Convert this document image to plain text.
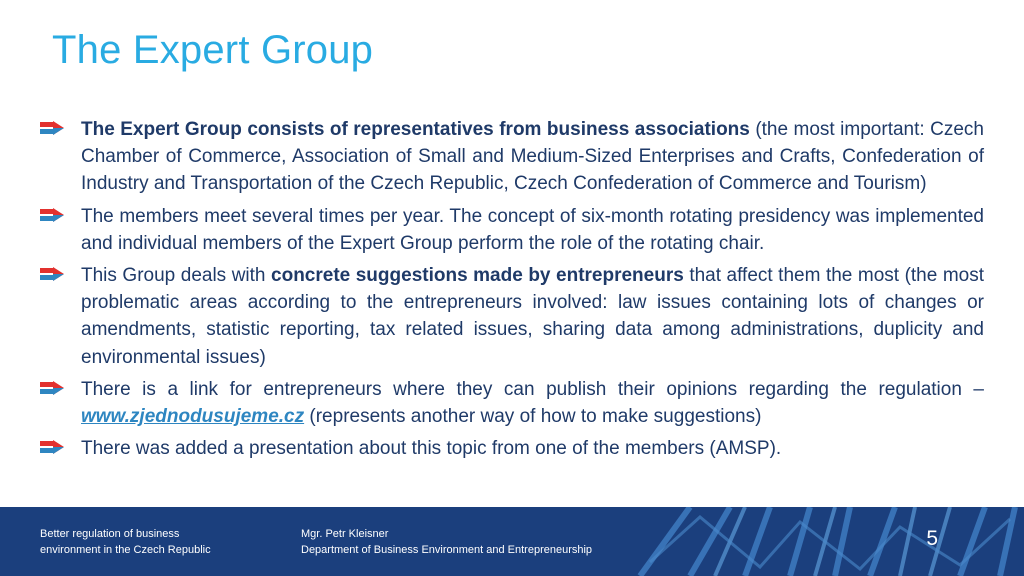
The Expert Group
The Expert Group consists of representatives from business associations (the most important: Czech Chamber of Commerce, Association of Small and Medium-Sized Enterprises and Crafts, Confederation of Industry and Transportation of the Czech Republic, Czech Confederation of Commerce and Tourism)
The members meet several times per year. The concept of six-month rotating presidency was implemented and individual members of the Expert Group perform the role of the rotating chair.
This Group deals with concrete suggestions made by entrepreneurs that affect them the most (the most problematic areas according to the entrepreneurs involved: law issues containing lots of changes or amendments, statistic reporting, tax related issues, sharing data among administrations, duplicity and environmental issues)
There is a link for entrepreneurs where they can publish their opinions regarding the regulation – www.zjednodusujeme.cz (represents another way of how to make suggestions)
There was added a presentation about this topic from one of the members (AMSP).
Better regulation of business
environment in the Czech Republic
Mgr. Petr Kleisner
Department of Business Environment and Entrepreneurship	5
